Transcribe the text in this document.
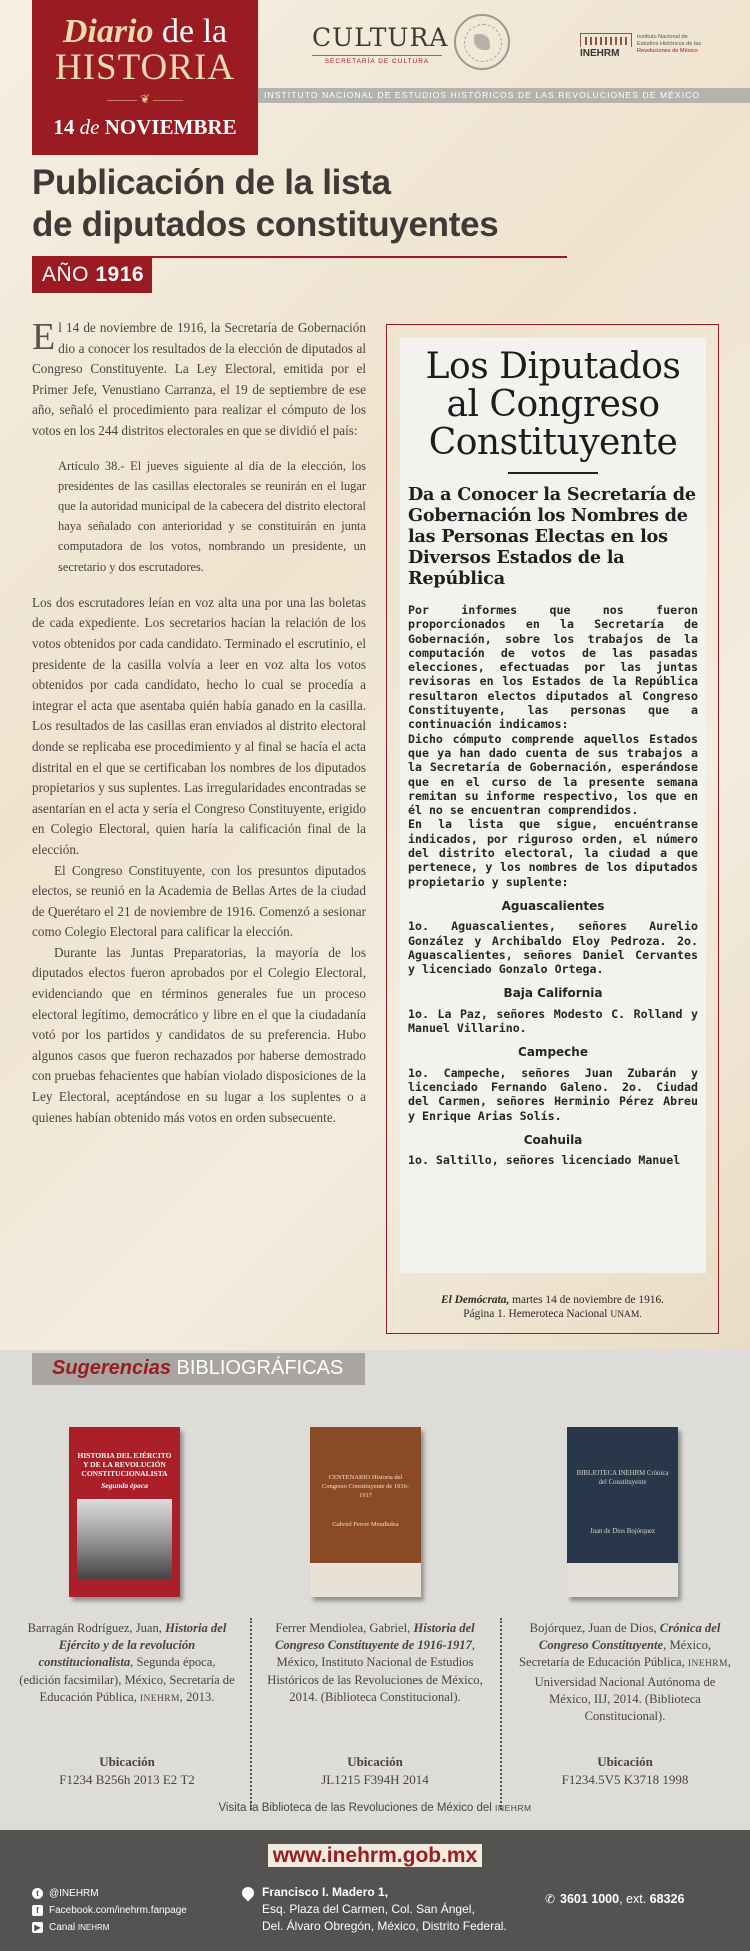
Diario de la
HISTORIA
––––– ❦ –––––
14 de NOVIEMBRE
CULTURA
SECRETARÍA DE CULTURA
INEHRM
Instituto Nacional de
Estudios Históricos de las
Revoluciones de México
INSTITUTO NACIONAL DE ESTUDIOS HISTÓRICOS DE LAS REVOLUCIONES DE MÉXICO
Publicación de la lista
de diputados constituyentes
AÑO 1916

El 14 de noviembre de 1916, la Secretaría de Gobernación dio a conocer los resultados de la elección de diputados al Congreso Constituyente. La Ley Electoral, emitida por el Primer Jefe, Venustiano Carranza, el 19 de septiembre de ese año, señaló el procedimiento para realizar el cómputo de los votos en los 244 distritos electorales en que se dividió el país:

Artículo 38.- El jueves siguiente al día de la elección, los presidentes de las casillas electorales se reunirán en el lugar que la autoridad municipal de la cabecera del distrito electoral haya señalado con anterioridad y se constituirán en junta computadora de los votos, nombrando un presidente, un secretario y dos escrutadores.

Los dos escrutadores leían en voz alta una por una las boletas de cada expediente. Los secretarios hacían la relación de los votos obtenidos por cada candidato. Terminado el escrutinio, el presidente de la casilla volvía a leer en voz alta los votos obtenidos por cada candidato, hecho lo cual se procedía a integrar el acta que asentaba quién había ganado en la casilla. Los resultados de las casillas eran enviados al distrito electoral donde se replicaba ese procedimiento y al final se hacía el acta distrital en el que se certificaban los nombres de los diputados propietarios y sus suplentes. Las irregularidades encontradas se asentarían en el acta y sería el Congreso Constituyente, erigido en Colegio Electoral, quien haría la calificación final de la elección.

El Congreso Constituyente, con los presuntos diputados electos, se reunió en la Academia de Bellas Artes de la ciudad de Querétaro el 21 de noviembre de 1916. Comenzó a sesionar como Colegio Electoral para calificar la elección.

Durante las Juntas Preparatorias, la mayoría de los diputados electos fueron aprobados por el Colegio Electoral, evidenciando que en términos generales fue un proceso electoral legítimo, democrático y libre en el que la ciudadanía votó por los partidos y candidatos de su preferencia. Hubo algunos casos que fueron rechazados por haberse demostrado con pruebas fehacientes que habían violado disposiciones de la Ley Electoral, aceptándose en su lugar a los suplentes o a quienes habían obtenido más votos en orden subsecuente.

Los Diputados
al Congreso
Constituyente
Da a Conocer la Secretaría de Gobernación los Nombres de las Personas Electas en los Diversos Estados de la República

Por informes que nos fueron proporcionados en la Secretaría de Gobernación, sobre los trabajos de la computación de votos de las pasadas elecciones, efectuadas por las juntas revisoras en los Estados de la República resultaron electos diputados al Congreso Constituyente, las personas que a continuación indicamos:

Dicho cómputo comprende aquellos Estados que ya han dado cuenta de sus trabajos a la Secretaría de Gobernación, esperándose que en el curso de la presente semana remitan su informe respectivo, los que en él no se encuentran comprendidos.

En la lista que sigue, encuéntranse indicados, por riguroso orden, el número del distrito electoral, la ciudad a que pertenece, y los nombres de los diputados propietario y suplente:

Aguascalientes

1o. Aguascalientes, señores Aurelio González y Archibaldo Eloy Pedroza. 2o. Aguascalientes, señores Daniel Cervantes y licenciado Gonzalo Ortega.

Baja California

1o. La Paz, señores Modesto C. Rolland y Manuel Villarino.

Campeche

1o. Campeche, señores Juan Zubarán y licenciado Fernando Galeno. 2o. Ciudad del Carmen, señores Herminio Pérez Abreu y Enrique Arias Solís.

Coahuila

1o. Saltillo, señores licenciado Manuel

El Demócrata, martes 14 de noviembre de 1916.
Página 1. Hemeroteca Nacional UNAM.
Sugerencias BIBLIOGRÁFICAS
HISTORIA DEL EJÉRCITO Y DE LA REVOLUCIÓN CONSTITUCIONALISTA
Segunda época
CENTENARIO Historia del Congreso Constituyente de 1916-1917
Gabriel Ferrer Mendiolea
BIBLIOTECA INEHRM Crónica del Constituyente
Juan de Dios Bojórquez
Barragán Rodríguez, Juan, Historia del Ejército y de la revolución constitucionalista, Segunda época, (edición facsimilar), México, Secretaría de Educación Pública, INEHRM, 2013.
Ferrer Mendiolea, Gabriel, Historia del Congreso Constituyente de 1916-1917, México, Instituto Nacional de Estudios Históricos de las Revoluciones de México, 2014. (Biblioteca Constitucional).
Bojórquez, Juan de Dios, Crónica del Congreso Constituyente, México, Secretaría de Educación Pública, INEHRM, Universidad Nacional Autónoma de México, IIJ, 2014. (Biblioteca Constitucional).
Ubicación
F1234 B256h 2013 E2 T2
Ubicación
JL1215 F394H 2014
Ubicación
F1234.5V5 K3718 1998
Visita la Biblioteca de las Revoluciones de México del INEHRM
www.inehrm.gob.mx
t	@INEHRM
f	Facebook.com/inehrm.fanpage
▶ Canal INEHRM
Francisco I. Madero 1,
Esq. Plaza del Carmen, Col. San Ángel,
Del. Álvaro Obregón, México, Distrito Federal.
✆ 3601 1000, ext. 68326
